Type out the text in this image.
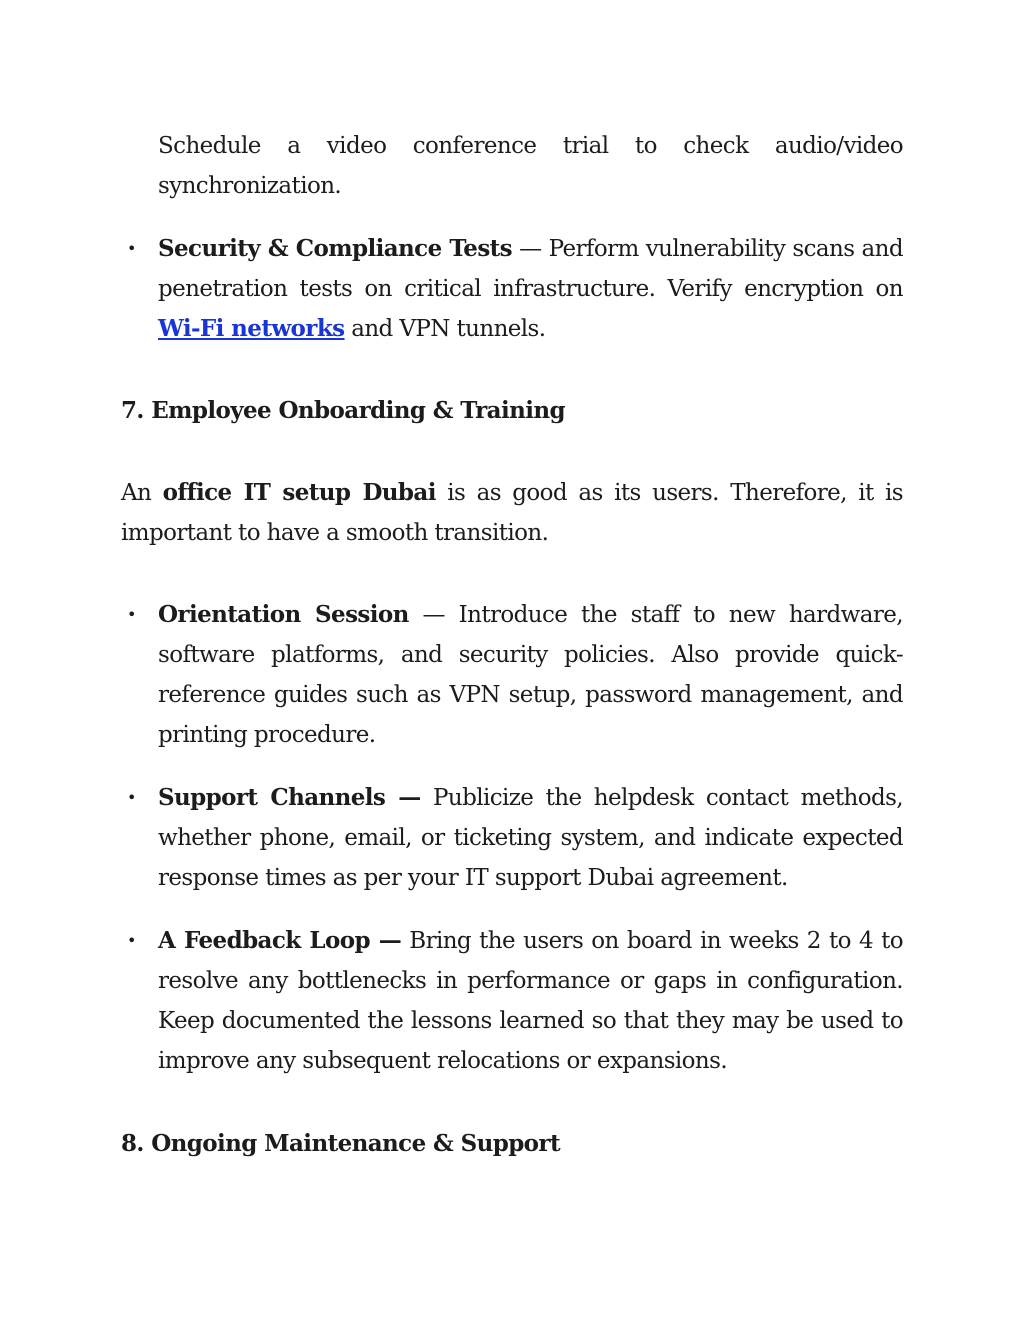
Schedule a video conference trial to check audio/video synchronization.

• Security & Compliance Tests — Perform vulnerability scans and penetration tests on critical infrastructure. Verify encryption on Wi-Fi networks and VPN tunnels.
7. Employee Onboarding & Training

An office IT setup Dubai is as good as its users. Therefore, it is important to have a smooth transition.

• Orientation Session — Introduce the staff to new hardware, software platforms, and security policies. Also provide quick-reference guides such as VPN setup, password management, and printing procedure.
• Support Channels — Publicize the helpdesk contact methods, whether phone, email, or ticketing system, and indicate expected response times as per your IT support Dubai agreement.
• A Feedback Loop — Bring the users on board in weeks 2 to 4 to resolve any bottlenecks in performance or gaps in configuration. Keep documented the lessons learned so that they may be used to improve any subsequent relocations or expansions.
8. Ongoing Maintenance & Support
